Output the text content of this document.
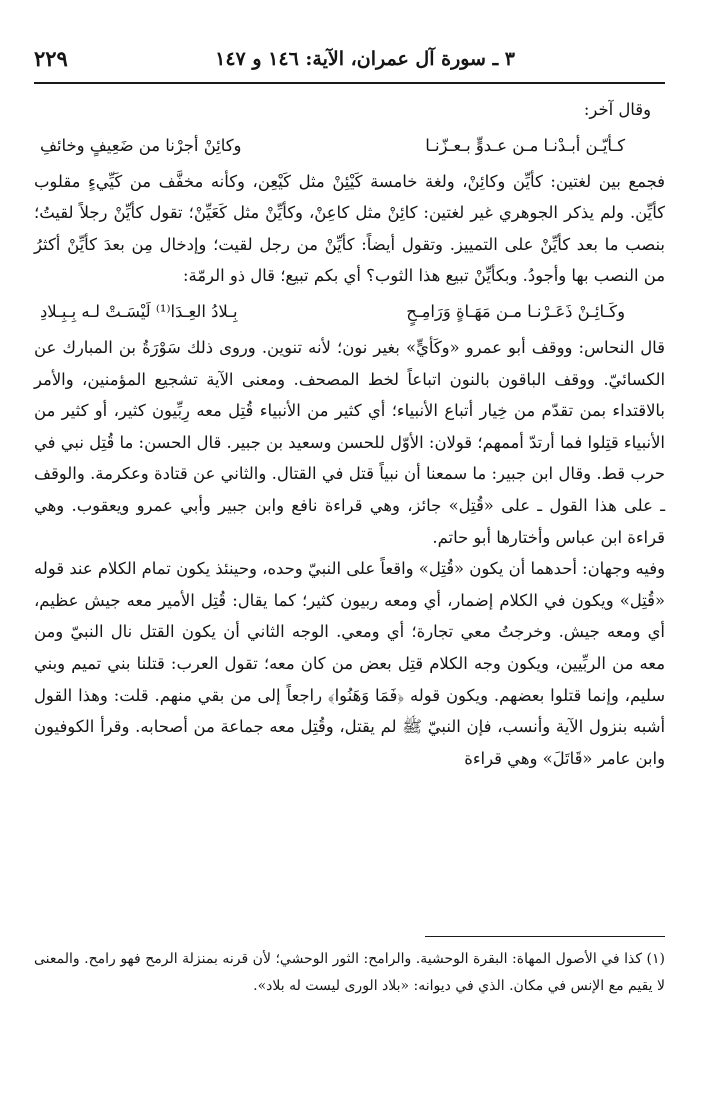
٣ ـ سورة آل عمران، الآية: ١٤٦ و ١٤٧
٢٢٩

وقال آخر:

كـأيّـن أبـدْنـا مـن عـدوٍّ بـعـزّنـا
وكائِنْ أجرْنا من ضَعِيفٍ وخائفِ

فجمع بين لغتين: كأيِّن وكائِنْ، ولغة خامسة كَيْئِنْ مثل كَيْعِن، وكأنه مخفَّف من كَيِّيءٍ مقلوب كأيِّن. ولم يذكر الجوهري غير لغتين: كائِنْ مثل كاعِنْ، وكأيِّنْ مثل كَعَيِّنْ؛ تقول كأيِّنْ رجلاً لقيتُ؛ بنصب ما بعد كأيِّنْ على التمييز. وتقول أيضاً: كأيِّنْ من رجل لقيت؛ وإدخال مِن بعدَ كأيِّنْ أكثرُ من النصب بها وأجودُ. وبكأيِّنْ تبيع هذا الثوب؟ أي بكم تبيع؛ قال ذو الرمّة:

وكَـائِـنْ ذَعَـرْنـا مـن مَهَـاةٍ وَرَامِـحٍ
بِـلادُ العِـدَا⁽¹⁾ لَيْسَـتْ لـه بِـبِـلادِ

قال النحاس: ووقف أبو عمرو «وكَأيٍّ» بغير نون؛ لأنه تنوين. وروى ذلك سَوْرَةُ بن المبارك عن الكسائيّ. ووقف الباقون بالنون اتباعاً لخط المصحف. ومعنى الآية تشجيع المؤمنين، والأمر بالاقتداء بمن تقدّم من خِيار أتباع الأنبياء؛ أي كثير من الأنبياء قُتِل معه رِبِّيون كثير، أو كثير من الأنبياء قتِلوا فما أرتدّ أممهم؛ قولان: الأوّل للحسن وسعيد بن جبير. قال الحسن: ما قُتِل نبي في حرب قط. وقال ابن جبير: ما سمعنا أن نبياً قتل في القتال. والثاني عن قتادة وعكرمة. والوقف ـ على هذا القول ـ على «قُتِل» جائز، وهي قراءة نافع وابن جبير وأبي عمرو ويعقوب. وهي قراءة ابن عباس وأختارها أبو حاتم.

وفيه وجهان: أحدهما أن يكون «قُتِل» واقعاً على النبيّ وحده، وحينئذ يكون تمام الكلام عند قوله «قُتِل» ويكون في الكلام إضمار، أي ومعه ربيون كثير؛ كما يقال: قُتِل الأمير معه جيش عظيم، أي ومعه جيش. وخرجتُ معي تجارة؛ أي ومعي. الوجه الثاني أن يكون القتل نال النبيّ ومن معه من الربِّيين، ويكون وجه الكلام قتِل بعض من كان معه؛ تقول العرب: قتلنا بني تميم وبني سليم، وإنما قتلوا بعضهم. ويكون قوله ﴿فَمَا وَهَنُوا﴾ راجعاً إلى من بقي منهم. قلت: وهذا القول أشبه بنزول الآية وأنسب، فإن النبيّ ﷺ لم يقتل، وقُتِل معه جماعة من أصحابه. وقرأ الكوفيون وابن عامر «قَاتَلَ» وهي قراءة

(١) كذا في الأصول المهاة: البقرة الوحشية. والرامح: الثور الوحشي؛ لأن قرنه بمنزلة الرمح فهو رامح. والمعنى لا يقيم مع الإنس في مكان. الذي في ديوانه: «بلاد الورى ليست له بلاد».
